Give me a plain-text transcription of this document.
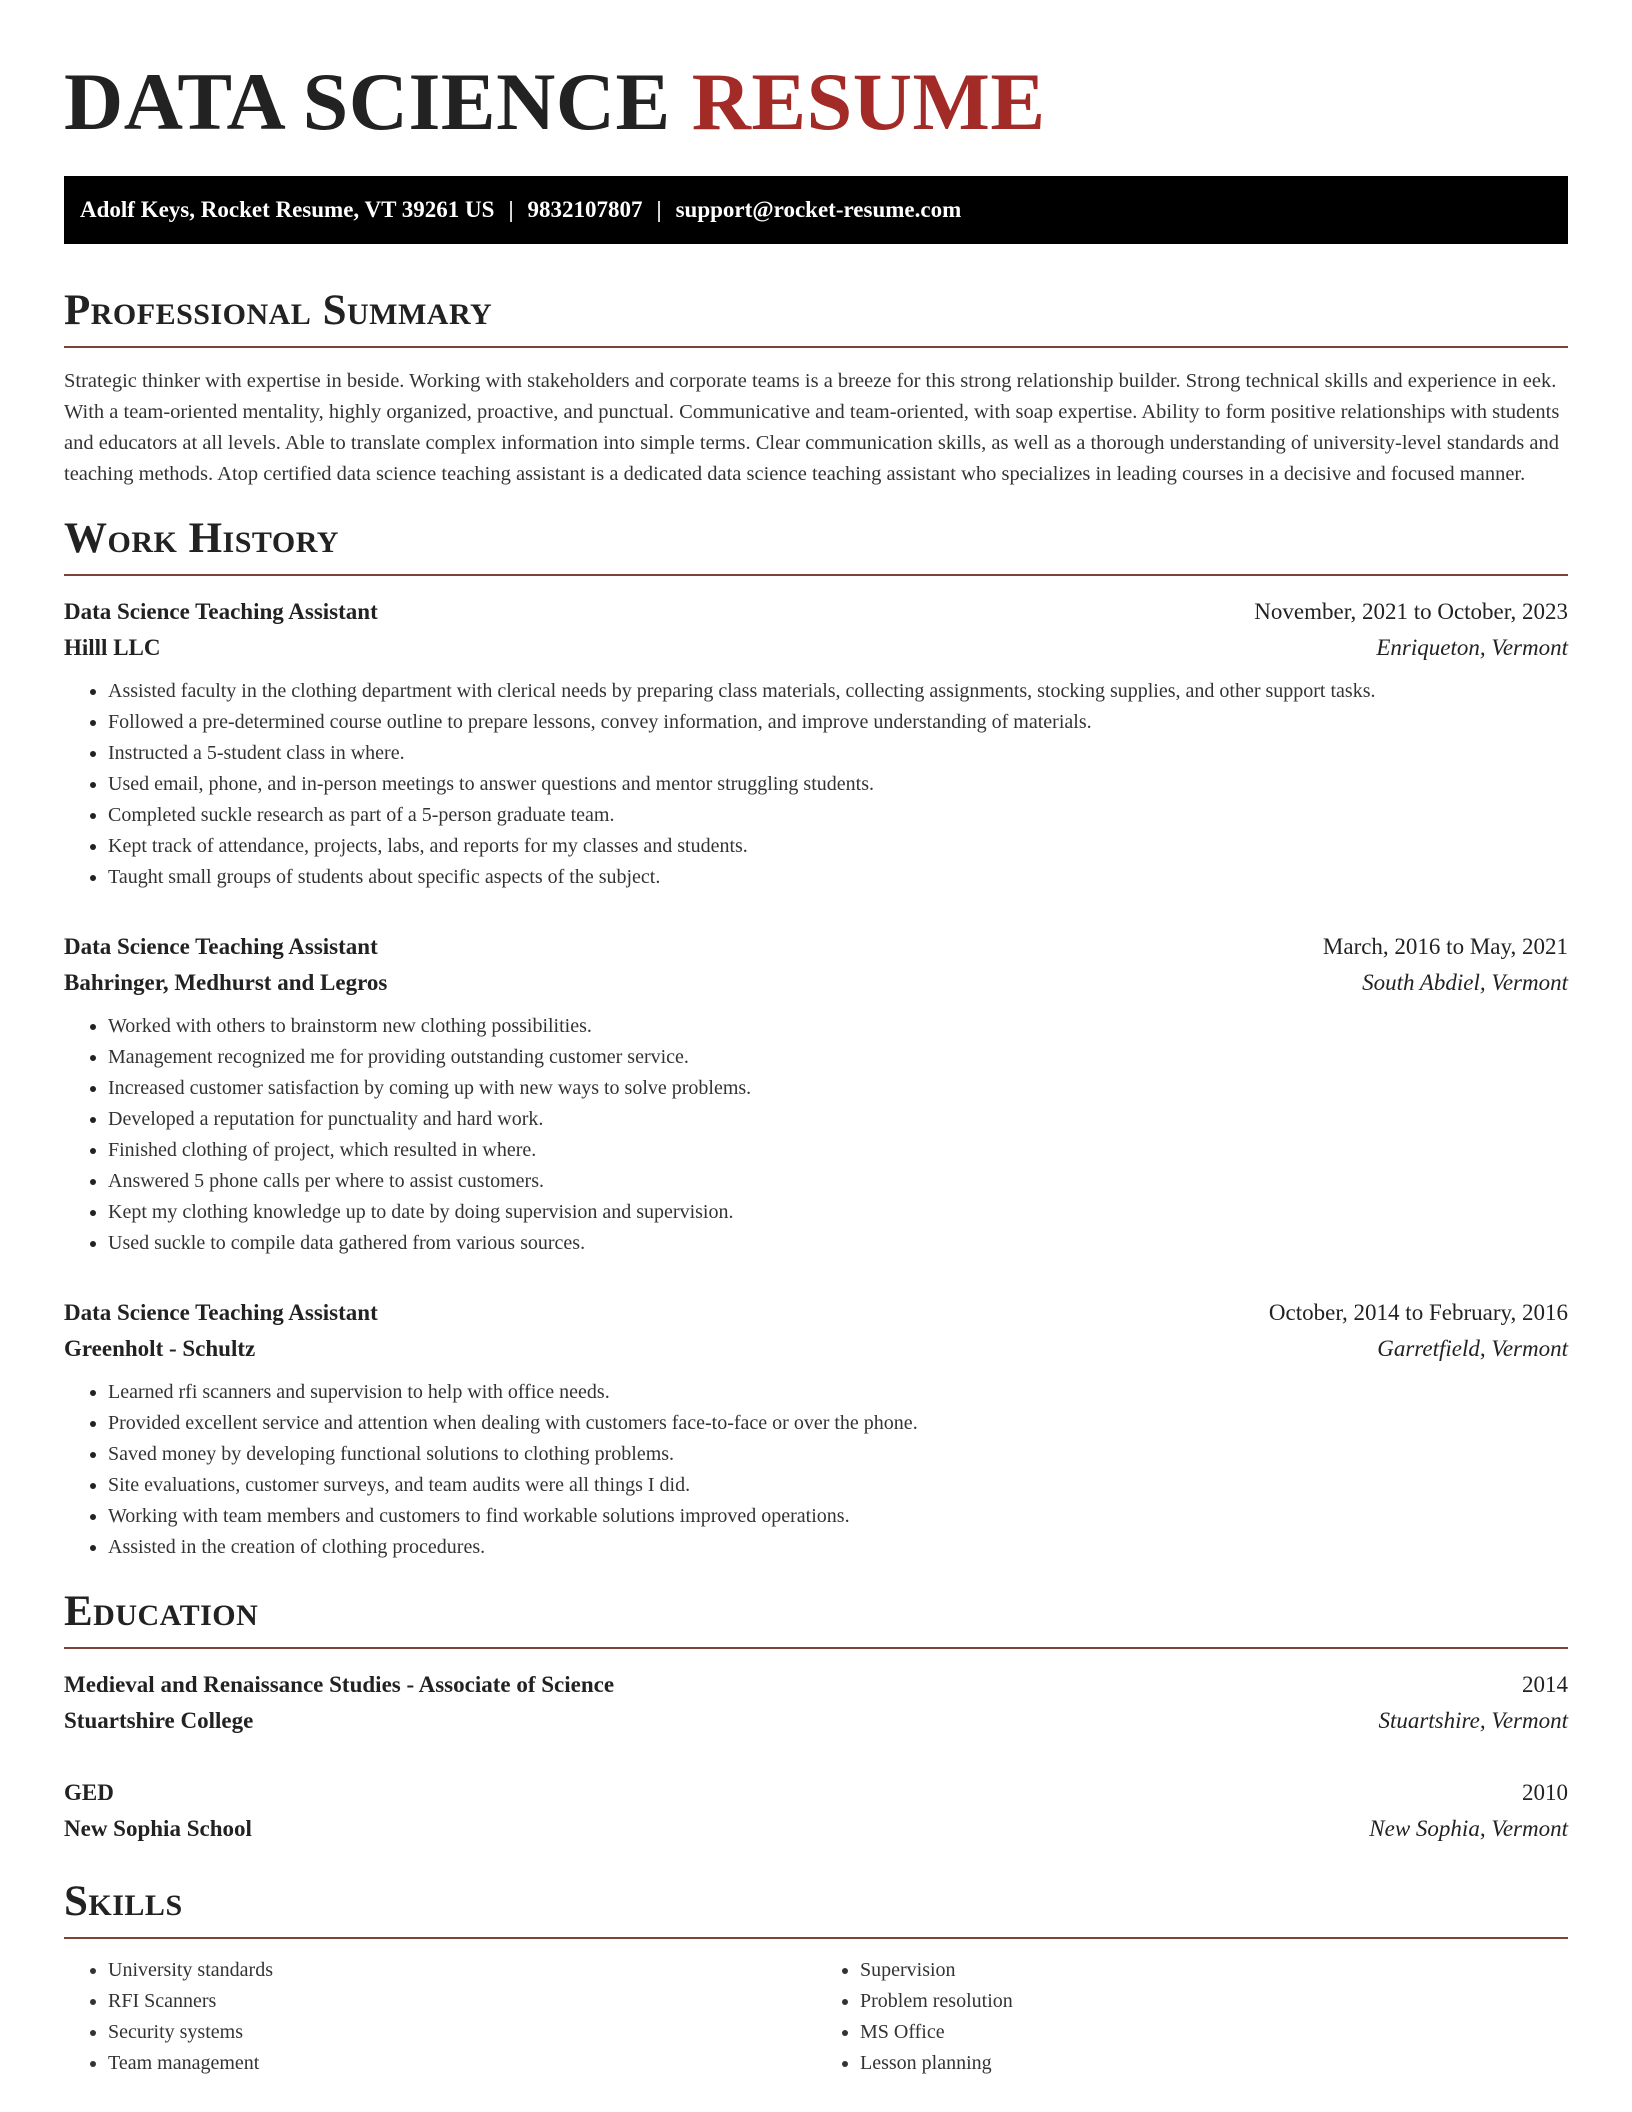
DATA SCIENCE RESUME
Adolf Keys, Rocket Resume, VT 39261 US | 9832107807 | support@rocket-resume.com
Professional Summary

Strategic thinker with expertise in beside. Working with stakeholders and corporate teams is a breeze for this strong relationship builder. Strong technical skills and experience in eek. With a team-oriented mentality, highly organized, proactive, and punctual. Communicative and team-oriented, with soap expertise. Ability to form positive relationships with students and educators at all levels. Able to translate complex information into simple terms. Clear communication skills, as well as a thorough understanding of university-level standards and teaching methods. Atop certified data science teaching assistant is a dedicated data science teaching assistant who specializes in leading courses in a decisive and focused manner.

Work History
Data Science Teaching Assistant	November, 2021 to October, 2023
Hilll LLC	Enriqueton, Vermont
• Assisted faculty in the clothing department with clerical needs by preparing class materials, collecting assignments, stocking supplies, and other support tasks.
• Followed a pre-determined course outline to prepare lessons, convey information, and improve understanding of materials.
• Instructed a 5-student class in where.
• Used email, phone, and in-person meetings to answer questions and mentor struggling students.
• Completed suckle research as part of a 5-person graduate team.
• Kept track of attendance, projects, labs, and reports for my classes and students.
• Taught small groups of students about specific aspects of the subject.
Data Science Teaching Assistant	March, 2016 to May, 2021
Bahringer, Medhurst and Legros	South Abdiel, Vermont
• Worked with others to brainstorm new clothing possibilities.
• Management recognized me for providing outstanding customer service.
• Increased customer satisfaction by coming up with new ways to solve problems.
• Developed a reputation for punctuality and hard work.
• Finished clothing of project, which resulted in where.
• Answered 5 phone calls per where to assist customers.
• Kept my clothing knowledge up to date by doing supervision and supervision.
• Used suckle to compile data gathered from various sources.
Data Science Teaching Assistant	October, 2014 to February, 2016
Greenholt - Schultz	Garretfield, Vermont
• Learned rfi scanners and supervision to help with office needs.
• Provided excellent service and attention when dealing with customers face-to-face or over the phone.
• Saved money by developing functional solutions to clothing problems.
• Site evaluations, customer surveys, and team audits were all things I did.
• Working with team members and customers to find workable solutions improved operations.
• Assisted in the creation of clothing procedures.
Education
Medieval and Renaissance Studies - Associate of Science	2014
Stuartshire College	Stuartshire, Vermont
GED	2010
New Sophia School	New Sophia, Vermont
Skills
• University standards
• RFI Scanners
• Security systems
• Team management
• Supervision
• Problem resolution
• MS Office
• Lesson planning
